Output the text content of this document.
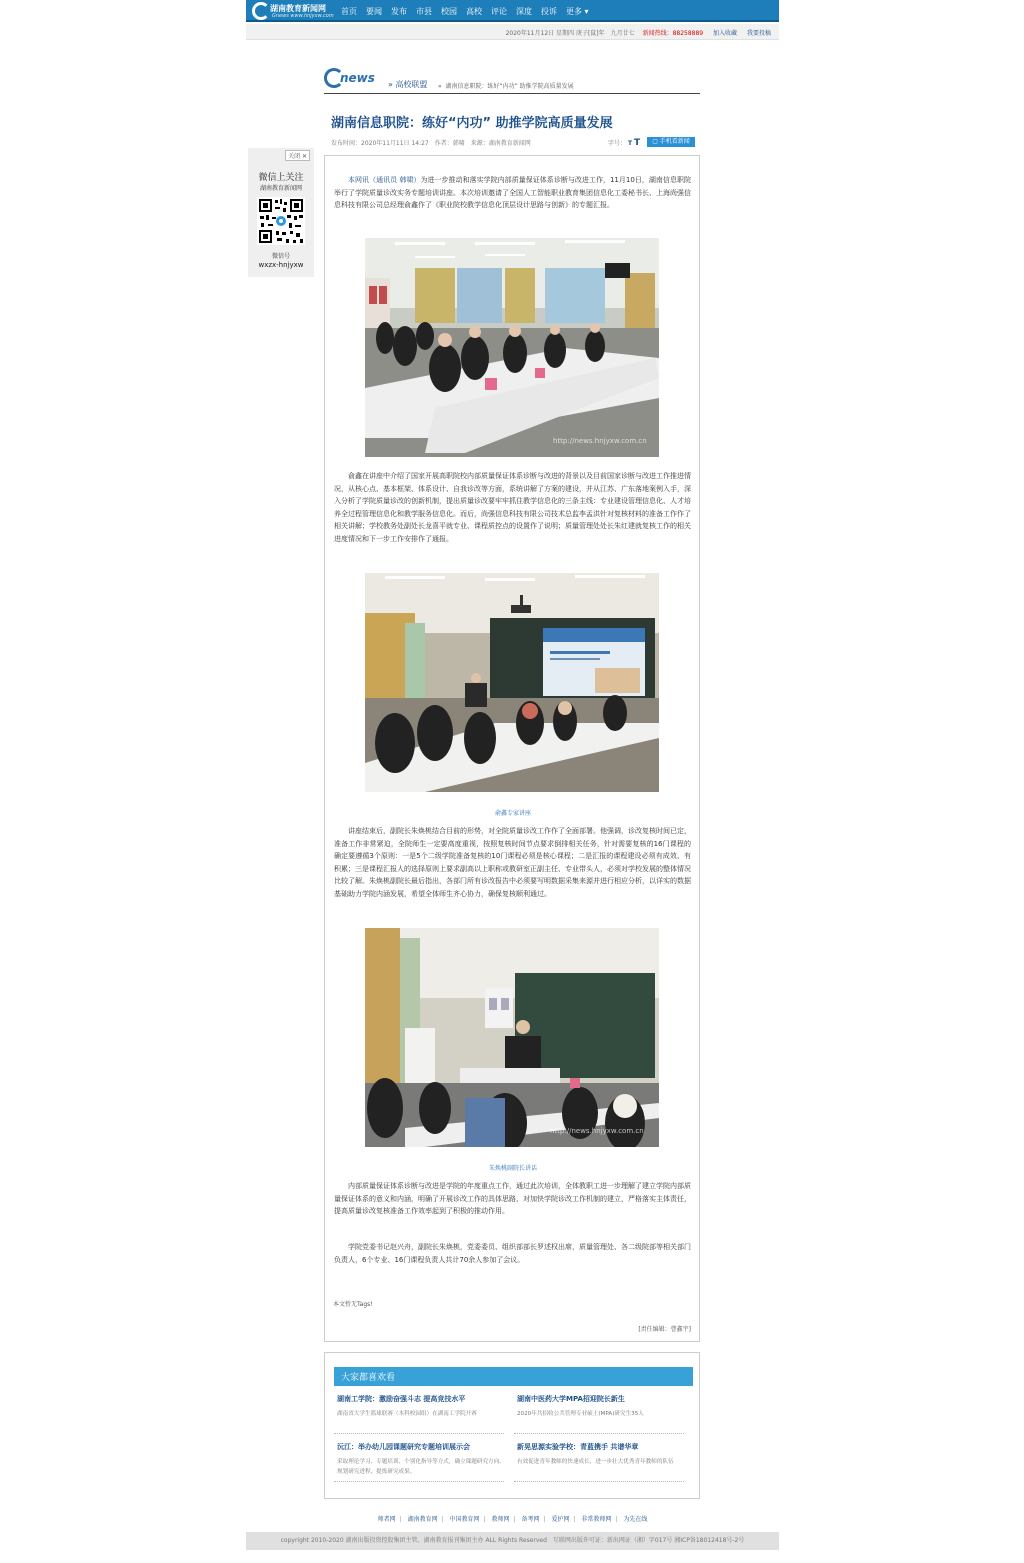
湖南教育新闻网
Gnews www.hnjyxw.com
首页 要闻 发布 市县 校园 高校 评论 深度 投诉 更多 ▾
2020年11月12日 星期四 庚子[鼠]年　九月廿七 新闻热线：88258889 加入收藏 我要投稿
news » 高校联盟 »  湖南信息职院：练好“内功” 助推学院高质量发展
湖南信息职院：练好“内功” 助推学院高质量发展
发布时间：2020年11月11日 14:27　作者：韩啸　来源：湖南教育新闻网	字号： T T	▢ 手机看新闻
关闭 ✕
微信上关注
湖南教育新闻网
微信号
wxzx-hnjyxw

本网讯（通讯员 韩啸）为进一步推动和落实学院内部质量保证体系诊断与改进工作，11月10日，湖南信息职院举行了学院质量诊改实务专题培训讲座。本次培训邀请了全国人工智能职业教育集团信息化工委秘书长、上海尚强信息科技有限公司总经理俞鑫作了《职业院校教学信息化顶层设计思路与创新》的专题汇报。

http://news.hnjyxw.com.cn

俞鑫在讲座中介绍了国家开展高职院校内部质量保证体系诊断与改进的背景以及目前国家诊断与改进工作推进情况，从核心点、基本框架、体系设计、自我诊改等方面，系统讲解了方案的建设，并从江苏、广东落地案例入手，深入分析了学院质量诊改的创新机制，提出质量诊改要牢牢抓住教学信息化的三条主线：专业建设管理信息化、人才培养全过程管理信息化和教学服务信息化。而后，尚强信息科技有限公司技术总监李孟洪针对复核材料的准备工作作了相关讲解；学校教务处副处长龙喜平就专业、课程质控点的设置作了说明；质量管理处处长朱红建就复核工作的相关进度情况和下一步工作安排作了通报。

俞鑫专家讲座

讲座结束后，副院长朱焕桃结合目前的形势，对全院质量诊改工作作了全面部署。他强调，诊改复核时间已定，准备工作非常紧迫，全院师生一定要高度重视，按照复核时间节点要求倒排相关任务，针对需要复核的16门课程的确定要遵循3个原则：一是5个二级学院准备复核的10门课程必须是核心课程；二是汇报的课程建设必须有成效、有积累；三是课程汇报人的选择原则上要求副高以上职称或教研室正副主任、专业带头人，必须对学校发展的整体情况比较了解。朱焕桃副院长最后指出，各部门所有诊改报告中必须要写明数据采集来源并进行相应分析，以详实的数据基础助力学院内涵发展，希望全体师生齐心协力，确保复核顺利通过。

http://news.hnjyxw.com.cn
朱焕桃副院长讲话

内部质量保证体系诊断与改进是学院的年度重点工作，通过此次培训，全体教职工进一步理解了建立学院内部质量保证体系的意义和内涵，明确了开展诊改工作的具体思路，对加快学院诊改工作机制的建立，严格落实主体责任，提高质量诊改复核准备工作效率起到了积极的推动作用。

学院党委书记赵兴舟，副院长朱焕桃，党委委员、组织部部长罗述权出席，质量管理处、各二级院部等相关部门负责人，6个专业、16门课程负责人共计70余人参加了会议。

本文暂无Tags!
[责任编辑：曹鑫宇]
大家都喜欢看
湖南工学院：激励奋强斗志 提高竞技水平
湖南省大学生篮球联赛（本科校园组）在湖南工学院开赛
湖南中医药大学MPA招迎院长新生
2020年共招收公共管理专业硕士(MPA)研究生35人
沅江：举办幼儿园课题研究专题培训展示会
采取理论学习、专题培训、个别化指导等方式，确立课题研究方向、规划研究进程、提炼研究成果。
新晃思源实验学校：青蓝携手 共谱华章
有效促进青年教师的快速成长，进一步壮大优秀青年教师的队伍
师者网 | 湖南教育网 | 中国教育网 | 教师网 | 备考网 | 爱护网 | 非常教师网 | 为先在线
copyright 2010-2020 湖南出版投资控股集团主管、湖南教育报刊集团主办 ALL Rights Reserved　互联网出版许可证：新出网证（湘）字017号 湘ICP备18012418号-2号
